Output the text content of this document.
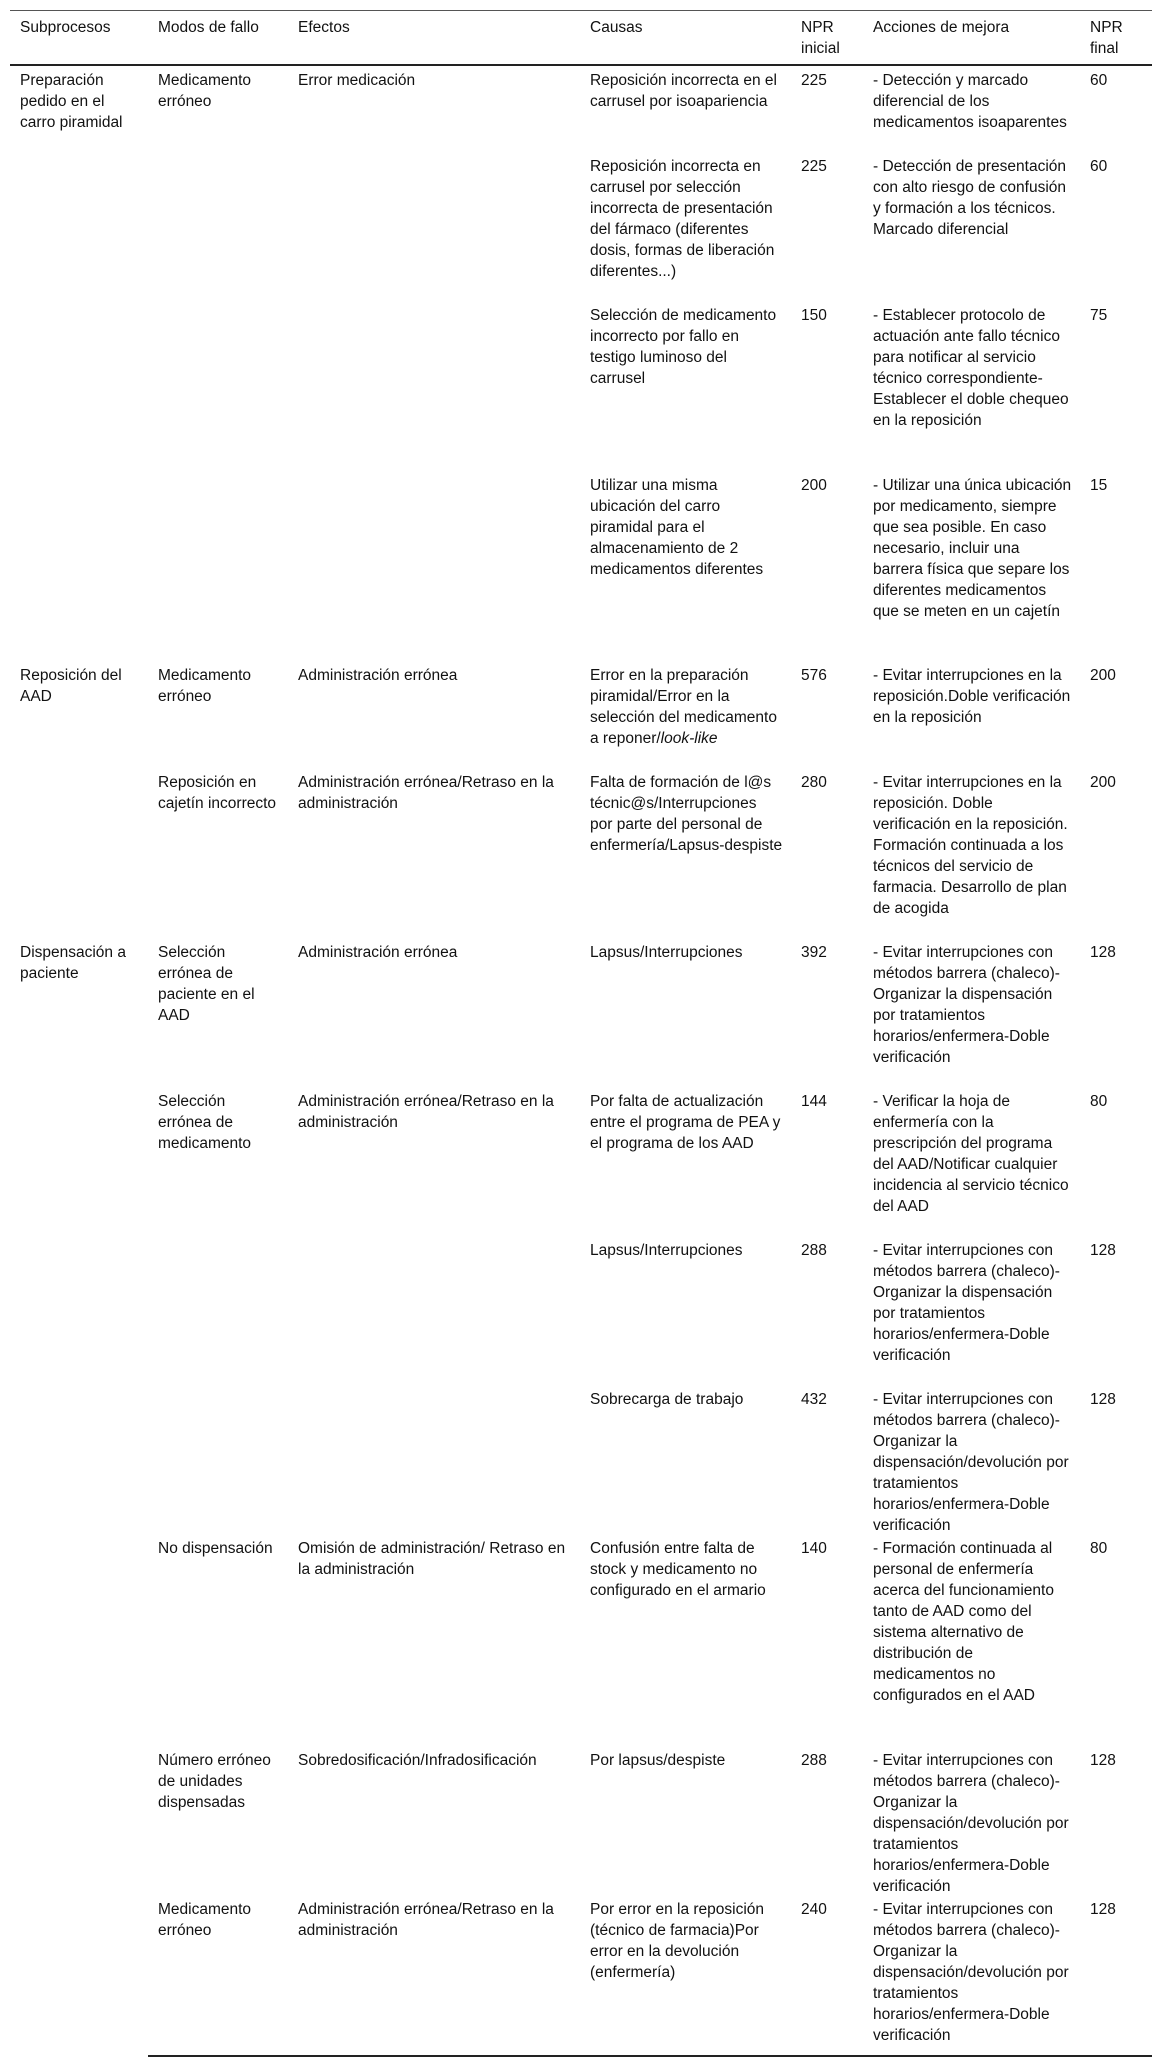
Subprocesos	Modos de fallo	Efectos	Causas	NPR inicial	Acciones de mejora	NPR final
Preparación pedido en el carro piramidal	Medicamento erróneo	Error medicación	Reposición incorrecta en el carrusel por isoapariencia	225	- Detección y marcado diferencial de los medicamentos isoaparentes	60
			Reposición incorrecta en carrusel por selección incorrecta de presentación del fármaco (diferentes dosis, formas de liberación diferentes...)	225	- Detección de presentación con alto riesgo de confusión y formación a los técnicos. Marcado diferencial	60
			Selección de medicamento incorrecto por fallo en testigo luminoso del carrusel	150	- Establecer protocolo de actuación ante fallo técnico para notificar al servicio técnico correspondiente- Establecer el doble chequeo en la reposición	75
			Utilizar una misma ubicación del carro piramidal para el almacenamiento de 2 medicamentos diferentes	200	- Utilizar una única ubicación por medicamento, siempre que sea posible. En caso necesario, incluir una barrera física que separe los diferentes medicamentos que se meten en un cajetín	15
Reposición del AAD	Medicamento erróneo	Administración errónea	Error en la preparación piramidal/Error en la selección del medicamento a reponer/look-like	576	- Evitar interrupciones en la reposición.Doble verificación en la reposición	200
	Reposición en cajetín incorrecto	Administración errónea/Retraso en la administración	Falta de formación de l@s técnic@s/Interrupciones por parte del personal de enfermería/Lapsus-despiste	280	- Evitar interrupciones en la reposición. Doble verificación en la reposición. Formación continuada a los técnicos del servicio de farmacia. Desarrollo de plan de acogida	200
Dispensación a paciente	Selección errónea de paciente en el AAD	Administración errónea	Lapsus/Interrupciones	392	- Evitar interrupciones con métodos barrera (chaleco)- Organizar la dispensación por tratamientos horarios/enfermera-Doble verificación	128
	Selección errónea de medicamento	Administración errónea/Retraso en la administración	Por falta de actualización entre el programa de PEA y el programa de los AAD	144	- Verificar la hoja de enfermería con la prescripción del programa del AAD/Notificar cualquier incidencia al servicio técnico del AAD	80
			Lapsus/Interrupciones	288	- Evitar interrupciones con métodos barrera (chaleco)- Organizar la dispensación por tratamientos horarios/enfermera-Doble verificación	128
			Sobrecarga de trabajo	432	- Evitar interrupciones con métodos barrera (chaleco)- Organizar la dispensación/devolución por tratamientos horarios/enfermera-Doble verificación	128
	No dispensación	Omisión de administración/ Retraso en la administración	Confusión entre falta de stock y medicamento no configurado en el armario	140	- Formación continuada al personal de enfermería acerca del funcionamiento tanto de AAD como del sistema alternativo de distribución de medicamentos no configurados en el AAD	80
	Número erróneo de unidades dispensadas	Sobredosificación/Infradosificación	Por lapsus/despiste	288	- Evitar interrupciones con métodos barrera (chaleco)- Organizar la dispensación/devolución por tratamientos horarios/enfermera-Doble verificación	128
	Medicamento erróneo	Administración errónea/Retraso en la administración	Por error en la reposición (técnico de farmacia)Por error en la devolución (enfermería)	240	- Evitar interrupciones con métodos barrera (chaleco)- Organizar la dispensación/devolución por tratamientos horarios/enfermera-Doble verificación	128
